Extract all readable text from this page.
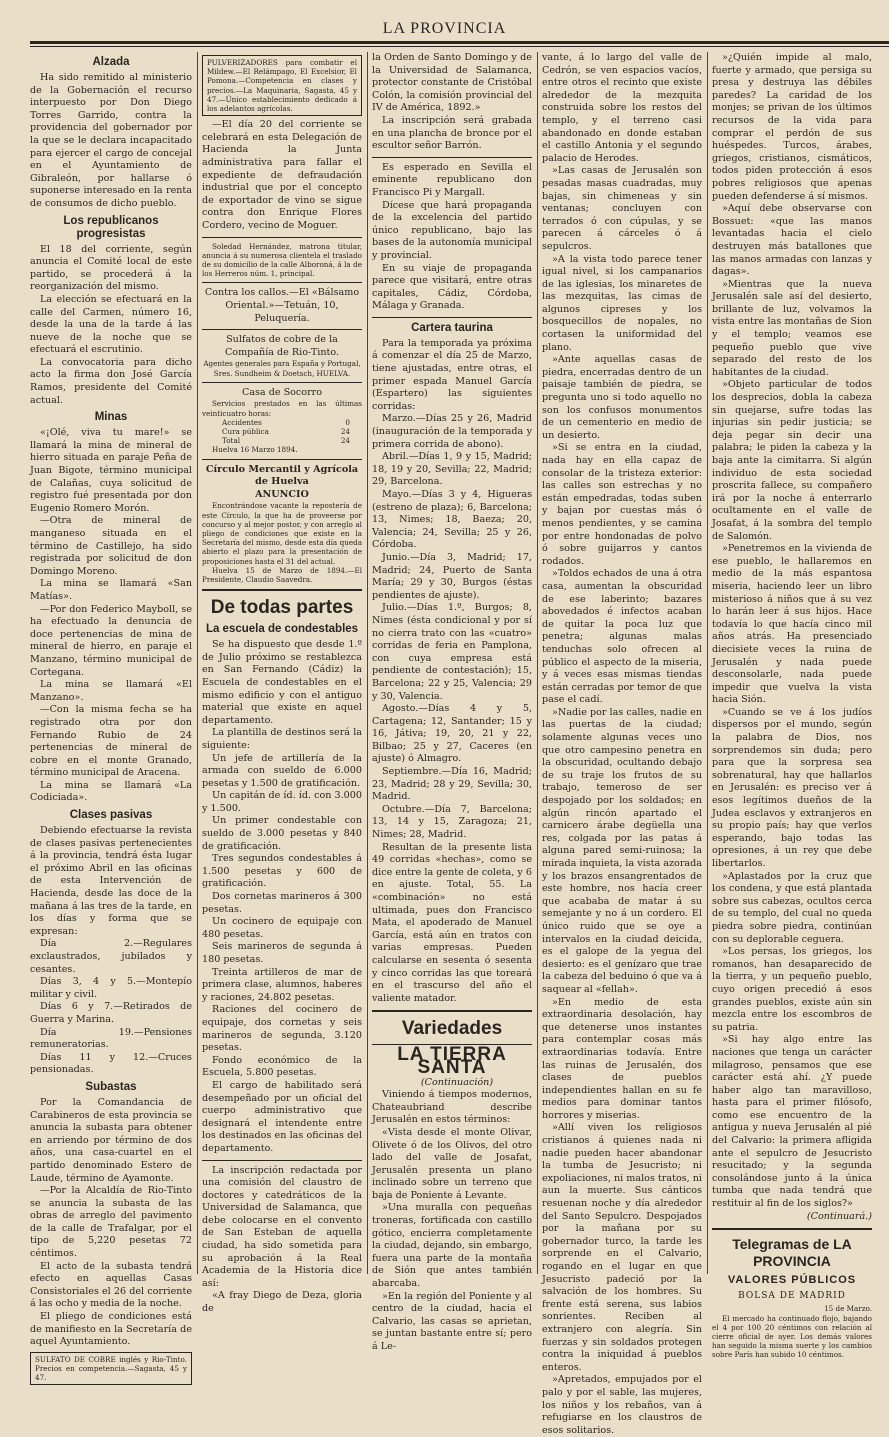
LA PROVINCIA
Alzada

Ha sido remitido al ministerio de la Gobernación el recurso interpuesto por Don Diego Torres Garrido, contra la providencia del gobernador por la que se le declara incapacitado para ejercer el cargo de concejal en el Ayuntamiento de Gibraleón, por hallarse ó suponerse interesado en la renta de consumos de dicho pueblo.

Los republicanos progresistas

El 18 del corriente, según anuncia el Comité local de este partido, se procederá á la reorganización del mismo.

La elección se efectuará en la calle del Carmen, número 16, desde la una de la tarde á las nueve de la noche que se efectuará el escrutinio.

La convocatoria para dicho acto la firma don José García Ramos, presidente del Comité actual.

Minas

«¡Olé, viva tu mare!» se llamará la mina de mineral de hierro situada en paraje Peña de Juan Bigote, término municipal de Calañas, cuya solicitud de registro fué presentada por don Eugenio Romero Morón.

—Otra de mineral de manganeso situada en el término de Castillejo, ha sido registrada por solicitud de don Domingo Moreno.

La mina se llamará «San Matías».

—Por don Federico Mayboll, se ha efectuado la denuncia de doce pertenencias de mina de mineral de hierro, en paraje el Manzano, término municipal de Cortegana.

La mina se llamará «El Manzano».

—Con la misma fecha se ha registrado otra por don Fernando Rubio de 24 pertenencias de mineral de cobre en el monte Granado, término municipal de Aracena.

La mina se llamará «La Codiciada».

Clases pasivas

Debiendo efectuarse la revista de clases pasivas pertenecientes á la provincia, tendrá ésta lugar el próximo Abril en las oficinas de esta Intervención de Hacienda, desde las doce de la mañana á las tres de la tarde, en los días y forma que se expresan:

Día 2.—Regulares exclaustrados, jubilados y cesantes.

Días 3, 4 y 5.—Montepío militar y civil.

Días 6 y 7.—Retirados de Guerra y Marina.

Día 19.—Pensiones remuneratorias.

Días 11 y 12.—Cruces pensionadas.

Subastas

Por la Comandancia de Carabineros de esta provincia se anuncia la subasta para obtener en arriendo por término de dos años, una casa-cuartel en el partido denominado Estero de Laude, término de Ayamonte.

—Por la Alcaldía de Rio-Tinto se anuncia la subasta de las obras de arreglo del pavimento de la calle de Trafalgar, por el tipo de 5,220 pesetas 72 céntimos.

El acto de la subasta tendrá efecto en aquellas Casas Consistoriales el 26 del corriente á las ocho y media de la noche.

El pliego de condiciones está de manifiesto en la Secretaría de aquel Ayuntamiento.

SULFATO DE COBRE inglés y Rio-Tinto. Precios en competencia.—Sagasta, 45 y 47.
PULVERIZADORES para combatir el Mildew.—El Relámpago, El Excelsior, El Pomona.—Competencia en clases y precios.—La Maquinaria, Sagasta, 45 y 47.—Único establecimiento dedicado á los adelantos agrícolas.

—El día 20 del corriente se celebrará en esta Delegación de Hacienda la Junta administrativa para fallar el expediente de defraudación industrial que por el concepto de exportador de vino se sigue contra don Enrique Flores Cordero, vecino de Moguer.

Soledad Hernández, matrona titular, anuncia á su numerosa clientela el traslado de su domicilio de la calle Alboroná, á la de los Herreros núm. 1, principal.

Contra los callos.—El «Bálsamo Oriental.»—Tetuán, 10, Peluquería.

Sulfatos de cobre de la Compañía de Rio-Tinto.

Agentes generales para España y Portugal, Sres. Sundheim & Doetsch, HUELVA.

Casa de Socorro

Servicios prestados en las últimas veinticuatro horas:

Accidentes	0
Cura pública	24
Total	24

Huelva 16 Marzo 1894.

Círculo Mercantil y Agrícola de Huelva

ANUNCIO

Encontrándose vacante la repostería de este Círculo, la que ha de proveerse por concurso y al mejor postor, y con arreglo al pliego de condiciones que existe en la Secretaría del mismo, desde esta día queda abierto el plazo para la presentación de proposiciones hasta el 31 del actual.

Huelva 15 de Marzo de 1894.—El Presidente, Claudio Saavedra.

De todas partes
La escuela de condestables

Se ha dispuesto que desde 1.º de Julio próximo se restablezca en San Fernando (Cádiz) la Escuela de condestables en el mismo edificio y con el antiguo material que existe en aquel departamento.

La plantilla de destinos será la siguiente:

Un jefe de artillería de la armada con sueldo de 6.000 pesetas y 1.500 de gratificación.

Un capitán de íd. íd. con 3.000 y 1.500.

Un primer condestable con sueldo de 3.000 pesetas y 840 de gratificación.

Tres segundos condestables á 1.500 pesetas y 600 de gratificación.

Dos cornetas marineros á 300 pesetas.

Un cocinero de equipaje con 480 pesetas.

Seis marineros de segunda á 180 pesetas.

Treinta artilleros de mar de primera clase, alumnos, haberes y raciones, 24.802 pesetas.

Raciones del cocinero de equipaje, dos cornetas y seis marineros de segunda, 3.120 pesetas.

Fondo económico de la Escuela, 5.800 pesetas.

El cargo de habilitado será desempeñado por un oficial del cuerpo administrativo que designará el intendente entre los destinados en las oficinas del departamento.

La inscripción redactada por una comisión del claustro de doctores y catedráticos de la Universidad de Salamanca, que debe colocarse en el convento de San Esteban de aquella ciudad, ha sido sometida para su aprobación á la Real Academia de la Historia dice así:

«A fray Diego de Deza, gloria de

la Orden de Santo Domingo y de la Universidad de Salamanca, protector constante de Cristóbal Colón, la comisión provincial del IV de América, 1892.»

La inscripción será grabada en una plancha de bronce por el escultor señor Barrón.

Es esperado en Sevilla el eminente republicano don Francisco Pi y Margall.

Dícese que hará propaganda de la excelencia del partido único republicano, bajo las bases de la autonomía municipal y provincial.

En su viaje de propaganda parece que visitará, entre otras capitales, Cádiz, Córdoba, Málaga y Granada.

Cartera taurina

Para la temporada ya próxima á comenzar el día 25 de Marzo, tiene ajustadas, entre otras, el primer espada Manuel García (Espartero) las siguientes corridas:

Marzo.—Días 25 y 26, Madrid (inauguración de la temporada y primera corrida de abono).

Abril.—Días 1, 9 y 15, Madrid; 18, 19 y 20, Sevilla; 22, Madrid; 29, Barcelona.

Mayo.—Días 3 y 4, Higueras (estreno de plaza); 6, Barcelona; 13, Nimes; 18, Baeza; 20, Valencia; 24, Sevilla; 25 y 26, Córdoba.

Junio.—Día 3, Madrid; 17, Madrid; 24, Puerto de Santa María; 29 y 30, Burgos (éstas pendientes de ajuste).

Julio.—Días 1.º, Burgos; 8, Nimes (ésta condicional y por sí no cierra trato con las «cuatro» corridas de feria en Pamplona, con cuya empresa está pendiente de contestación); 15, Barcelona; 22 y 25, Valencia; 29 y 30, Valencia.

Agosto.—Días 4 y 5, Cartagena; 12, Santander; 15 y 16, Játiva; 19, 20, 21 y 22, Bilbao; 25 y 27, Caceres (en ajuste) ó Almagro.

Septiembre.—Día 16, Madrid; 23, Madrid; 28 y 29, Sevilla; 30, Madrid.

Octubre.—Día 7, Barcelona; 13, 14 y 15, Zaragoza; 21, Nimes; 28, Madrid.

Resultan de la presente lista 49 corridas «hechas», como se dice entre la gente de coleta, y 6 en ajuste. Total, 55. La «combinación» no está ultimada, pues don Francisco Mata, el apoderado de Manuel García, está aún en tratos con varias empresas. Pueden calcularse en sesenta ó sesenta y cinco corridas las que toreará en el trascurso del año el valiente matador.

Variedades
LA TIERRA SANTA

(Continuación)

Viniendo á tiempos modernos, Chateaubriand describe Jerusalén en estos términos:

«Vista desde el monte Olivar, Olivete ó de los Olivos, del otro lado del valle de Josafat, Jerusalén presenta un plano inclinado sobre un terreno que baja de Poniente á Levante.

»Una muralla con pequeñas troneras, fortificada con castillo gótico, encierra completamente la ciudad, dejando, sin embargo, fuera una parte de la montaña de Sión que antes también abarcaba.

»En la región del Poniente y al centro de la ciudad, hacia el Calvario, las casas se aprietan, se juntan bastante entre sí; pero á Le-

vante, á lo largo del valle de Cedrón, se ven espacios vacíos, entre otros el recinto que existe alrededor de la mezquita construida sobre los restos del templo, y el terreno casi abandonado en donde estaban el castillo Antonia y el segundo palacio de Herodes.

»Las casas de Jerusalén son pesadas masas cuadradas, muy bajas, sin chimeneas y sin ventanas; concluyen con terrados ó con cúpulas, y se parecen á cárceles ó á sepulcros.

»A la vista todo parece tener igual nivel, si los campanarios de las iglesias, los minaretes de las mezquitas, las cimas de algunos cipreses y los bosquecillos de nopales, no cortasen la uniformidad del plano.

»Ante aquellas casas de piedra, encerradas dentro de un paisaje también de piedra, se pregunta uno si todo aquello no son los confusos monumentos de un cementerio en medio de un desierto.

»Si se entra en la ciudad, nada hay en ella capaz de consolar de la tristeza exterior: las calles son estrechas y no están empedradas, todas suben y bajan por cuestas más ó menos pendientes, y se camina por entre hondonadas de polvo ó sobre guijarros y cantos rodados.

»Toldos echados de una á otra casa, aumentan la obscuridad de ese laberinto; bazares abovedados é infectos acaban de quitar la poca luz que penetra; algunas malas tenduchas solo ofrecen al público el aspecto de la miseria, y á veces esas mismas tiendas están cerradas por temor de que pase el cadí.

»Nadie por las calles, nadie en las puertas de la ciudad; solamente algunas veces uno que otro campesino penetra en la obscuridad, ocultando debajo de su traje los frutos de su trabajo, temeroso de ser despojado por los soldados; en algún rincón apartado el carnicero árabe degüella una res, colgada por las patas á alguna pared semi-ruinosa; la mirada inquieta, la vista azorada y los brazos ensangrentados de este hombre, nos hacía creer que acababa de matar á su semejante y no á un cordero. El único ruido que se oye a intervalos en la ciudad deicida, es el galope de la yegua del desierto: es el genízaro que trae la cabeza del beduino ó que va á saquear al «fellah».

»En medio de esta extraordinaria desolación, hay que detenerse unos instantes para contemplar cosas más extraordinarias todavía. Entre las ruinas de Jerusalén, dos clases de pueblos independientes hallan en su fe medios para dominar tantos horrores y miserias.

»Allí viven los religiosos cristianos á quienes nada ni nadie pueden hacer abandonar la tumba de Jesucristo; ni expoliaciones, ni malos tratos, ni aun la muerte. Sus cánticos resuenan noche y día alrededor del Santo Sepulcro. Despojados por la mañana por su gobernador turco, la tarde les sorprende en el Calvario, rogando en el lugar en que Jesucristo padeció por la salvación de los hombres. Su frente está serena, sus labios sonrientes. Reciben al extranjero con alegría. Sin fuerzas y sin soldados protegen contra la iniquidad á pueblos enteros.

»Apretados, empujados por el palo y por el sable, las mujeres, los niños y los rebaños, van á refugiarse en los claustros de esos solitarios.

»¿Quién impide al malo, fuerte y armado, que persiga su presa y destruya las débiles paredes? La caridad de los monjes; se privan de los últimos recursos de la vida para comprar el perdón de sus huéspedes. Turcos, árabes, griegos, cristianos, cismáticos, todos piden protección á esos pobres religiosos que apenas pueden defenderse á sí mismos.

»Aquí debe observarse con Bossuet: «que las manos levantadas hacia el cielo destruyen más batallones que las manos armadas con lanzas y dagas».

»Mientras que la nueva Jerusalén sale así del desierto, brillante de luz, volvamos la vista entre las montañas de Sion y el templo; veamos ese pequeño pueblo que vive separado del resto de los habitantes de la ciudad.

»Objeto particular de todos los desprecios, dobla la cabeza sin quejarse, sufre todas las injurias sin pedir justicia; se deja pegar sin decir una palabra; le piden la cabeza y la baja ante la cimitarra. Si algún individuo de esta sociedad proscrita fallece, su compañero irá por la noche á enterrarlo ocultamente en el valle de Josafat, á la sombra del templo de Salomón.

»Penetremos en la vivienda de ese pueblo, le hallaremos en medio de la más espantosa miseria, haciendo leer un libro misterioso á niños que á su vez lo harán leer á sus hijos. Hace todavía lo que hacía cinco mil años atrás. Ha presenciado diecisiete veces la ruina de Jerusalén y nada puede desconsolarle, nada puede impedir que vuelva la vista hacia Sión.

»Cuando se ve á los judíos dispersos por el mundo, según la palabra de Dios, nos sorprendemos sin duda; pero para que la sorpresa sea sobrenatural, hay que hallarlos en Jerusalén: es preciso ver á esos legítimos dueños de la Judea esclavos y extranjeros en su propio país; hay que verlos esperando, bajo todas las opresiones, á un rey que debe libertarlos.

»Aplastados por la cruz que los condena, y que está plantada sobre sus cabezas, ocultos cerca de su templo, del cual no queda piedra sobre piedra, continúan con su deplorable ceguera.

»Los persas, los griegos, los romanos, han desaparecido de la tierra, y un pequeño pueblo, cuyo origen precedió á esos grandes pueblos, existe aún sin mezcla entre los escombros de su patria.

»Si hay algo entre las naciones que tenga un carácter milagroso, pensamos que ese carácter está ahí. ¿Y puede haber algo tan maravilloso, hasta para el primer filósofo, como ese encuentro de la antigua y nueva Jerusalén al pié del Calvario: la primera afligida ante el sepulcro de Jesucristo resucitado; y la segunda consolándose junto á la única tumba que nada tendrá que restituir al fin de los siglos?»

(Continuará.)

Telegramas de LA PROVINCIA
VALORES PÚBLICOS
BOLSA DE MADRID

15 de Marzo.

El mercado ha continuado flojo, bajando el 4 por 100 20 céntimos con relación al cierre oficial de ayer. Los demás valores han seguido la misma suerte y los cambios sobre París han subido 10 céntimos.
